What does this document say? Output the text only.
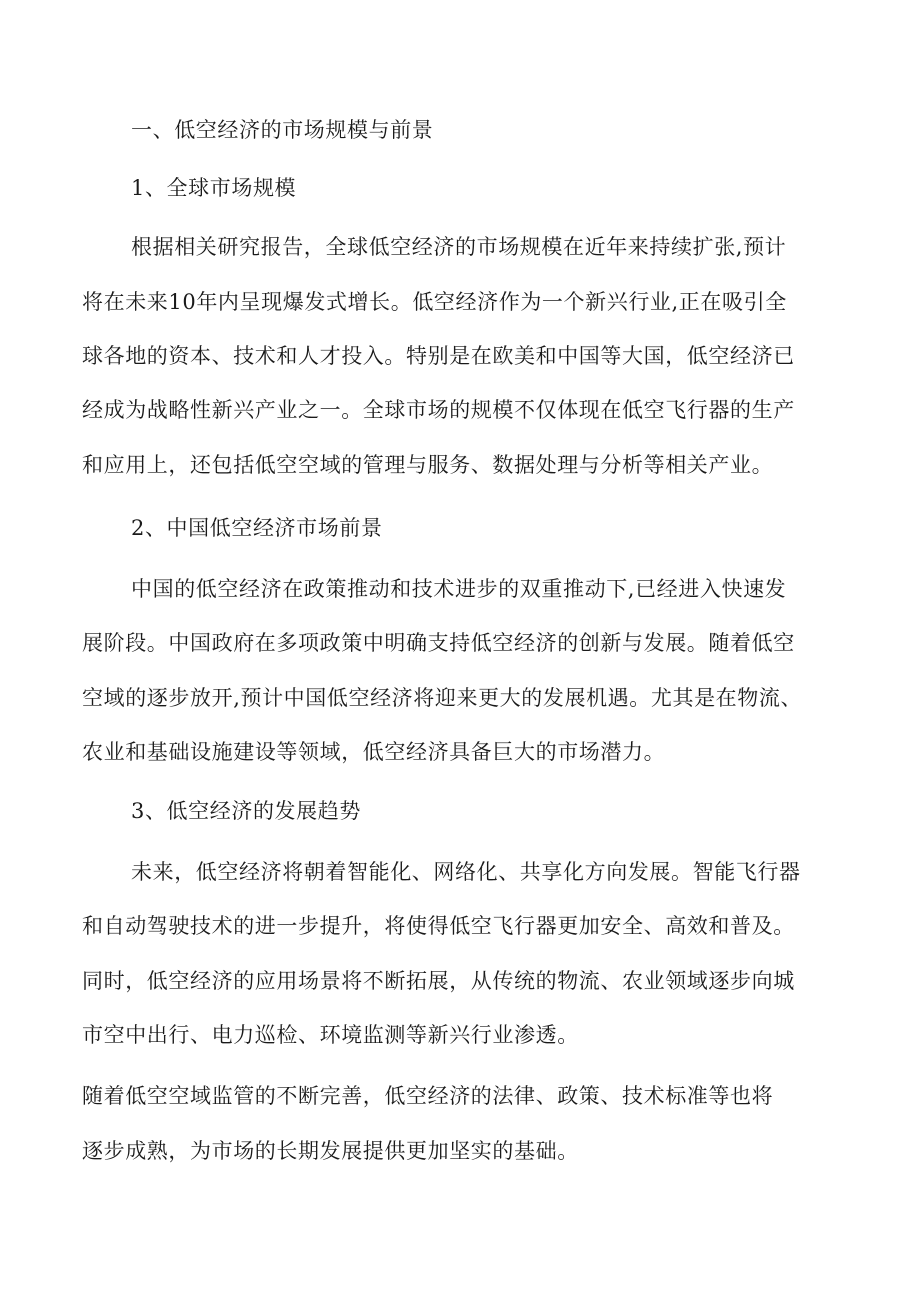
一、低空经济的市场规模与前景
1、全球市场规模
根据相关研究报告，全球低空经济的市场规模在近年来持续扩张,预计
将在未来10年内呈现爆发式增长。低空经济作为一个新兴行业,正在吸引全
球各地的资本、技术和人才投入。特别是在欧美和中国等大国，低空经济已
经成为战略性新兴产业之一。全球市场的规模不仅体现在低空飞行器的生产
和应用上，还包括低空空域的管理与服务、数据处理与分析等相关产业。
2、中国低空经济市场前景
中国的低空经济在政策推动和技术进步的双重推动下,已经进入快速发
展阶段。中国政府在多项政策中明确支持低空经济的创新与发展。随着低空
空域的逐步放开,预计中国低空经济将迎来更大的发展机遇。尤其是在物流、
农业和基础设施建设等领域，低空经济具备巨大的市场潜力。
3、低空经济的发展趋势
未来，低空经济将朝着智能化、网络化、共享化方向发展。智能飞行器
和自动驾驶技术的进一步提升，将使得低空飞行器更加安全、高效和普及。
同时，低空经济的应用场景将不断拓展，从传统的物流、农业领域逐步向城
市空中出行、电力巡检、环境监测等新兴行业渗透。
随着低空空域监管的不断完善，低空经济的法律、政策、技术标准等也将
逐步成熟，为市场的长期发展提供更加坚实的基础。
